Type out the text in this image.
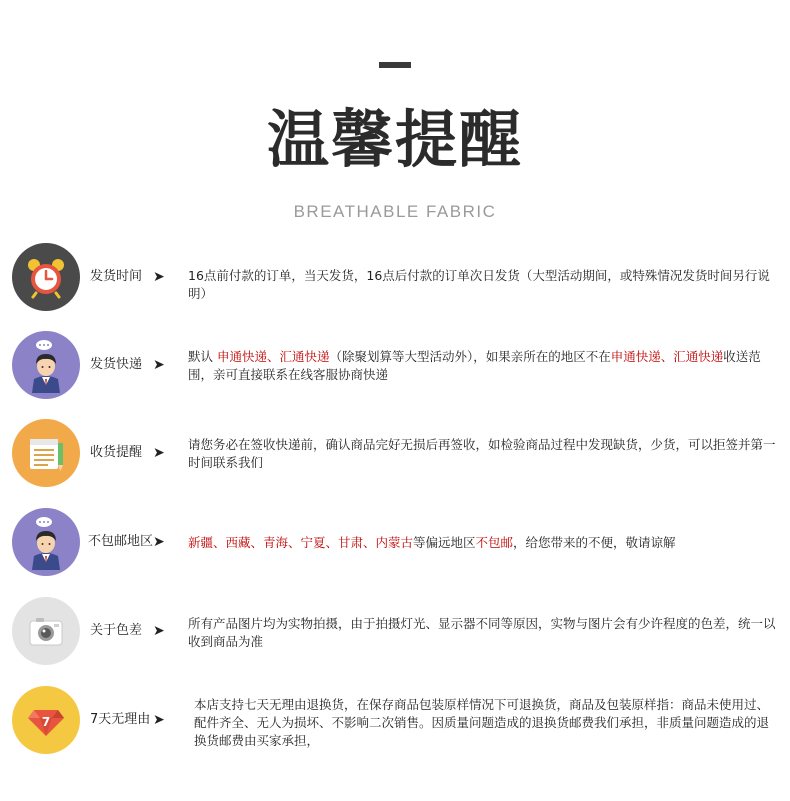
温馨提醒
BREATHABLE FABRIC
发货时间 ➤ 16点前付款的订单，当天发货，16点后付款的订单次日发货（大型活动期间，或特殊情况发货时间另行说明）
发货快递 ➤
默认 申通快递、汇通快递（除聚划算等大型活动外），如果亲所在的地区不在申通快递、汇通快递收送范围，亲可直接联系在线客服协商快递
收货提醒 ➤
请您务必在签收快递前，确认商品完好无损后再签收，如检验商品过程中发现缺货，少货，可以拒签并第一时间联系我们
不包邮地区 ➤ 新疆、西藏、青海、宁夏、甘肃、内蒙古等偏远地区不包邮，给您带来的不便，敬请谅解
关于色差 ➤ 所有产品图片均为实物拍摄，由于拍摄灯光、显示器不同等原因，实物与图片会有少许程度的色差，统一以收到商品为准
7	7天无理由 ➤
本店支持七天无理由退换货，在保存商品包装原样情况下可退换货，商品及包装原样指：商品未使用过、配件齐全、无人为损坏、不影响二次销售。因质量问题造成的退换货邮费我们承担，非质量问题造成的退换货邮费由买家承担，
